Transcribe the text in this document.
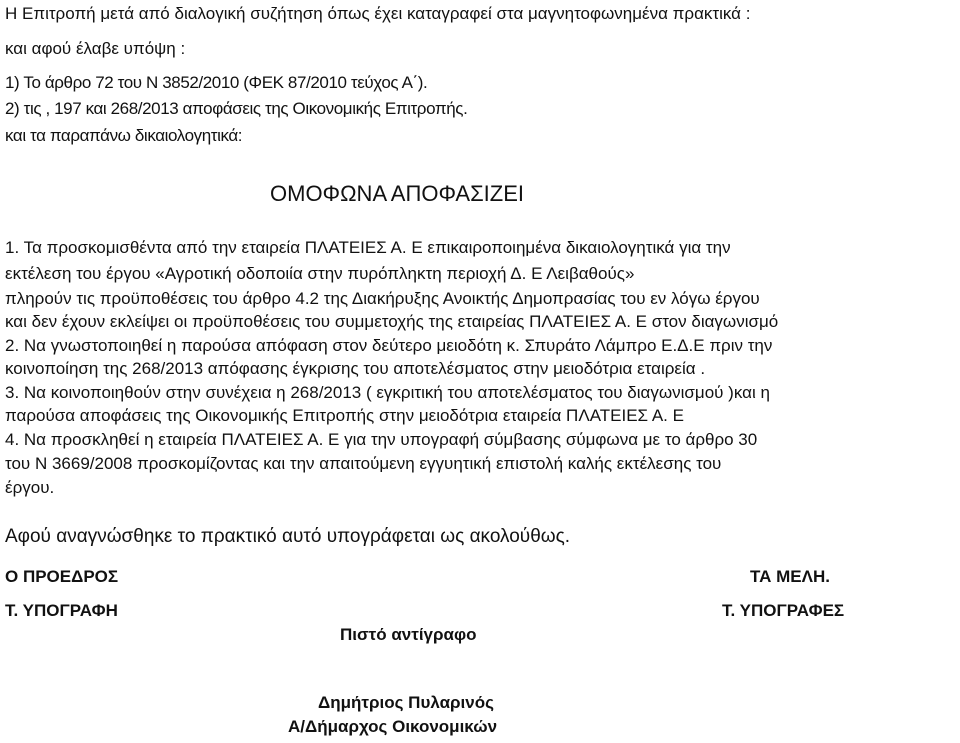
Η Επιτροπή μετά από διαλογική συζήτηση όπως έχει καταγραφεί στα μαγνητοφωνημένα πρακτικά :
και αφού έλαβε υπόψη :
1) Το άρθρο 72 του Ν 3852/2010 (ΦΕΚ 87/2010 τεύχος Α΄).
2) τις , 197 και 268/2013 αποφάσεις της Οικονομικής Επιτροπής.
και τα παραπάνω δικαιολογητικά:
ΟΜΟΦΩΝΑ ΑΠΟΦΑΣΙΖΕΙ
1. Τα προσκομισθέντα από την εταιρεία ΠΛΑΤΕΙΕΣ Α. Ε επικαιροποιημένα δικαιολογητικά για την
εκτέλεση του έργου «Αγροτική οδοποιία στην πυρόπληκτη περιοχή Δ. Ε Λειβαθούς»
πληρούν τις προϋποθέσεις του άρθρο 4.2 της Διακήρυξης Ανοικτής Δημοπρασίας του εν λόγω έργου
και δεν έχουν εκλείψει οι προϋποθέσεις του συμμετοχής της εταιρείας ΠΛΑΤΕΙΕΣ Α. Ε στον διαγωνισμό
2. Να γνωστοποιηθεί η παρούσα απόφαση στον δεύτερο μειοδότη κ. Σπυράτο Λάμπρο Ε.Δ.Ε πριν την
κοινοποίηση της 268/2013 απόφασης έγκρισης του αποτελέσματος στην μειοδότρια εταιρεία .
3. Να κοινοποιηθούν στην συνέχεια η 268/2013 ( εγκριτική του αποτελέσματος του διαγωνισμού )και η
παρούσα αποφάσεις της Οικονομικής Επιτροπής στην μειοδότρια εταιρεία ΠΛΑΤΕΙΕΣ Α. Ε
4. Να προσκληθεί η εταιρεία ΠΛΑΤΕΙΕΣ Α. Ε για την υπογραφή σύμβασης σύμφωνα με το άρθρο 30
του Ν 3669/2008 προσκομίζοντας και την απαιτούμενη εγγυητική επιστολή καλής εκτέλεσης του
έργου.
Αφού αναγνώσθηκε το πρακτικό αυτό υπογράφεται ως ακολούθως.
Ο ΠΡΟΕΔΡΟΣ	ΤΑ ΜΕΛΗ.
Τ. ΥΠΟΓΡΑΦΗ	Τ. ΥΠΟΓΡΑΦΕΣ
Πιστό αντίγραφο
Δημήτριος Πυλαρινός
Α/Δήμαρχος Οικονομικών
